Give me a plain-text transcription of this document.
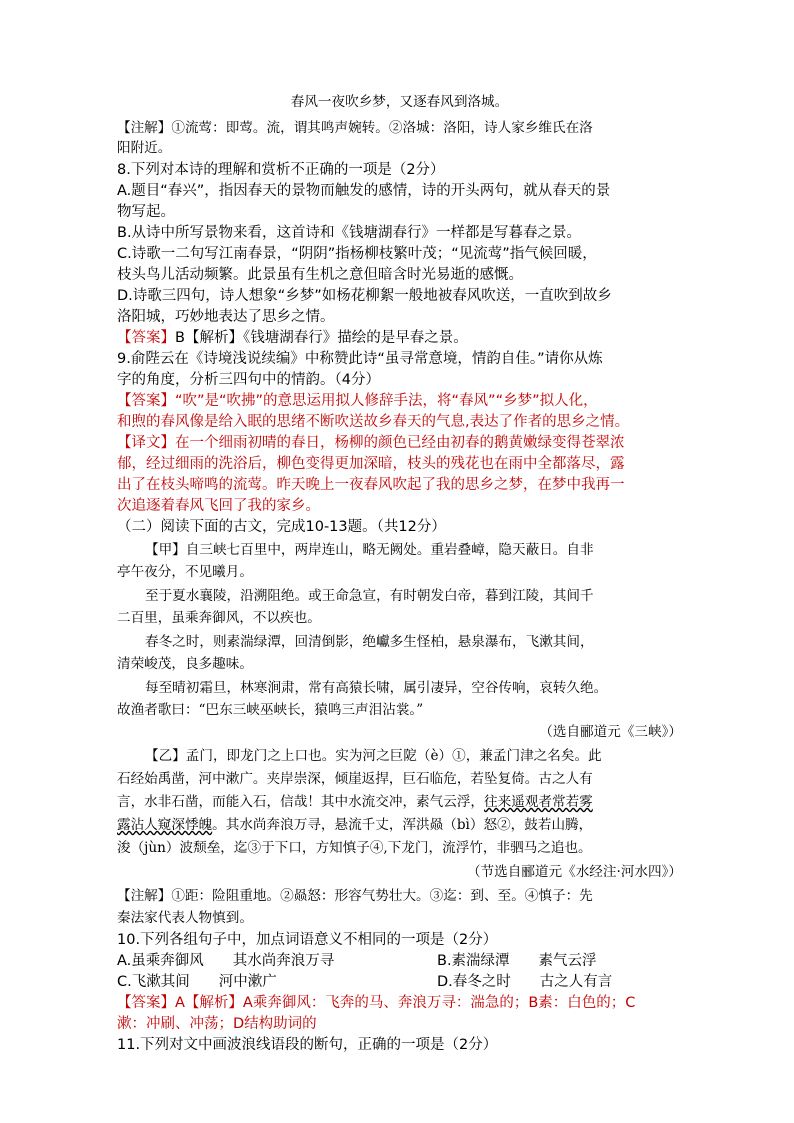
春风一夜吹乡梦，又逐春风到洛城。
【注解】①流莺：即莺。流，谓其鸣声婉转。②洛城：洛阳，诗人家乡维氏在洛
阳附近。
8.下列对本诗的理解和赏析不正确的一项是（2分）
A.题目“春兴”，指因春天的景物而触发的感情，诗的开头两句，就从春天的景
物写起。
B.从诗中所写景物来看，这首诗和《钱塘湖春行》一样都是写暮春之景。
C.诗歌一二句写江南春景，“阴阴”指杨柳枝繁叶茂；“见流莺”指气候回暖，
枝头鸟儿活动频繁。此景虽有生机之意但暗含时光易逝的感慨。
D.诗歌三四句，诗人想象“乡梦”如杨花柳絮一般地被春风吹送，一直吹到故乡
洛阳城，巧妙地表达了思乡之情。
【答案】B【解析】《钱塘湖春行》描绘的是早春之景。
9.俞陛云在《诗境浅说续编》中称赞此诗“虽寻常意境，情韵自佳。”请你从炼
字的角度，分析三四句中的情韵。（4分）
【答案】“吹”是“吹拂”的意思运用拟人修辞手法，将“春风”“乡梦”拟人化，
和煦的春风像是给入眠的思绪不断吹送故乡春天的气息,表达了作者的思乡之情。
【译文】在一个细雨初晴的春日，杨柳的颜色已经由初春的鹅黄嫩绿变得苍翠浓
郁，经过细雨的洗浴后，柳色变得更加深暗，枝头的残花也在雨中全都落尽，露
出了在枝头啼鸣的流莺。昨天晚上一夜春风吹起了我的思乡之梦，在梦中我再一
次追逐着春风飞回了我的家乡。
（二）阅读下面的古文，完成10-13题。（共12分）
【甲】自三峡七百里中，两岸连山，略无阙处。重岩叠嶂，隐天蔽日。自非
亭午夜分，不见曦月。
至于夏水襄陵，沿溯阻绝。或王命急宣，有时朝发白帝，暮到江陵，其间千
二百里，虽乘奔御风，不以疾也。
春冬之时，则素湍绿潭，回清倒影，绝巘多生怪柏，悬泉瀑布，飞漱其间，
清荣峻茂，良多趣味。
每至晴初霜旦，林寒涧肃，常有高猿长啸，属引凄异，空谷传响，哀转久绝。
故渔者歌曰：“巴东三峡巫峡长，猿鸣三声泪沾裳。”
（选自郦道元《三峡》）
【乙】孟门，即龙门之上口也。实为河之巨阸（è）①，兼孟门津之名矣。此
石经始禹凿，河中漱广。夹岸崇深，倾崖返捍，巨石临危，若坠复倚。古之人有
言，水非石凿，而能入石，信哉！其中水流交冲，素气云浮，往来遥观者常若雾
露沾人窥深悸魄。其水尚奔浪万寻，悬流千丈，浑洪赑（bì）怒②，鼓若山腾，
浚（jùn）波颓垒，迄③于下口，方知慎子④,下龙门，流浮竹，非驷马之追也。
（节选自郦道元《水经注·河水四》）
【注解】①距：险阻重地。②赑怒：形容气势壮大。③迄：到、至。④慎子：先
秦法家代表人物慎到。
10.下列各组句子中，加点词语意义不相同的一项是（2分）
A.虽乘奔御风　　其水尚奔浪万寻	B.素湍绿潭　　素气云浮
C.飞漱其间　　河中漱广	D.春冬之时　　古之人有言
【答案】A【解析】A乘奔御风：飞奔的马、奔浪万寻：湍急的；B素：白色的；C
漱：冲刷、冲荡；D结构助词的
11.下列对文中画波浪线语段的断句，正确的一项是（2分）
